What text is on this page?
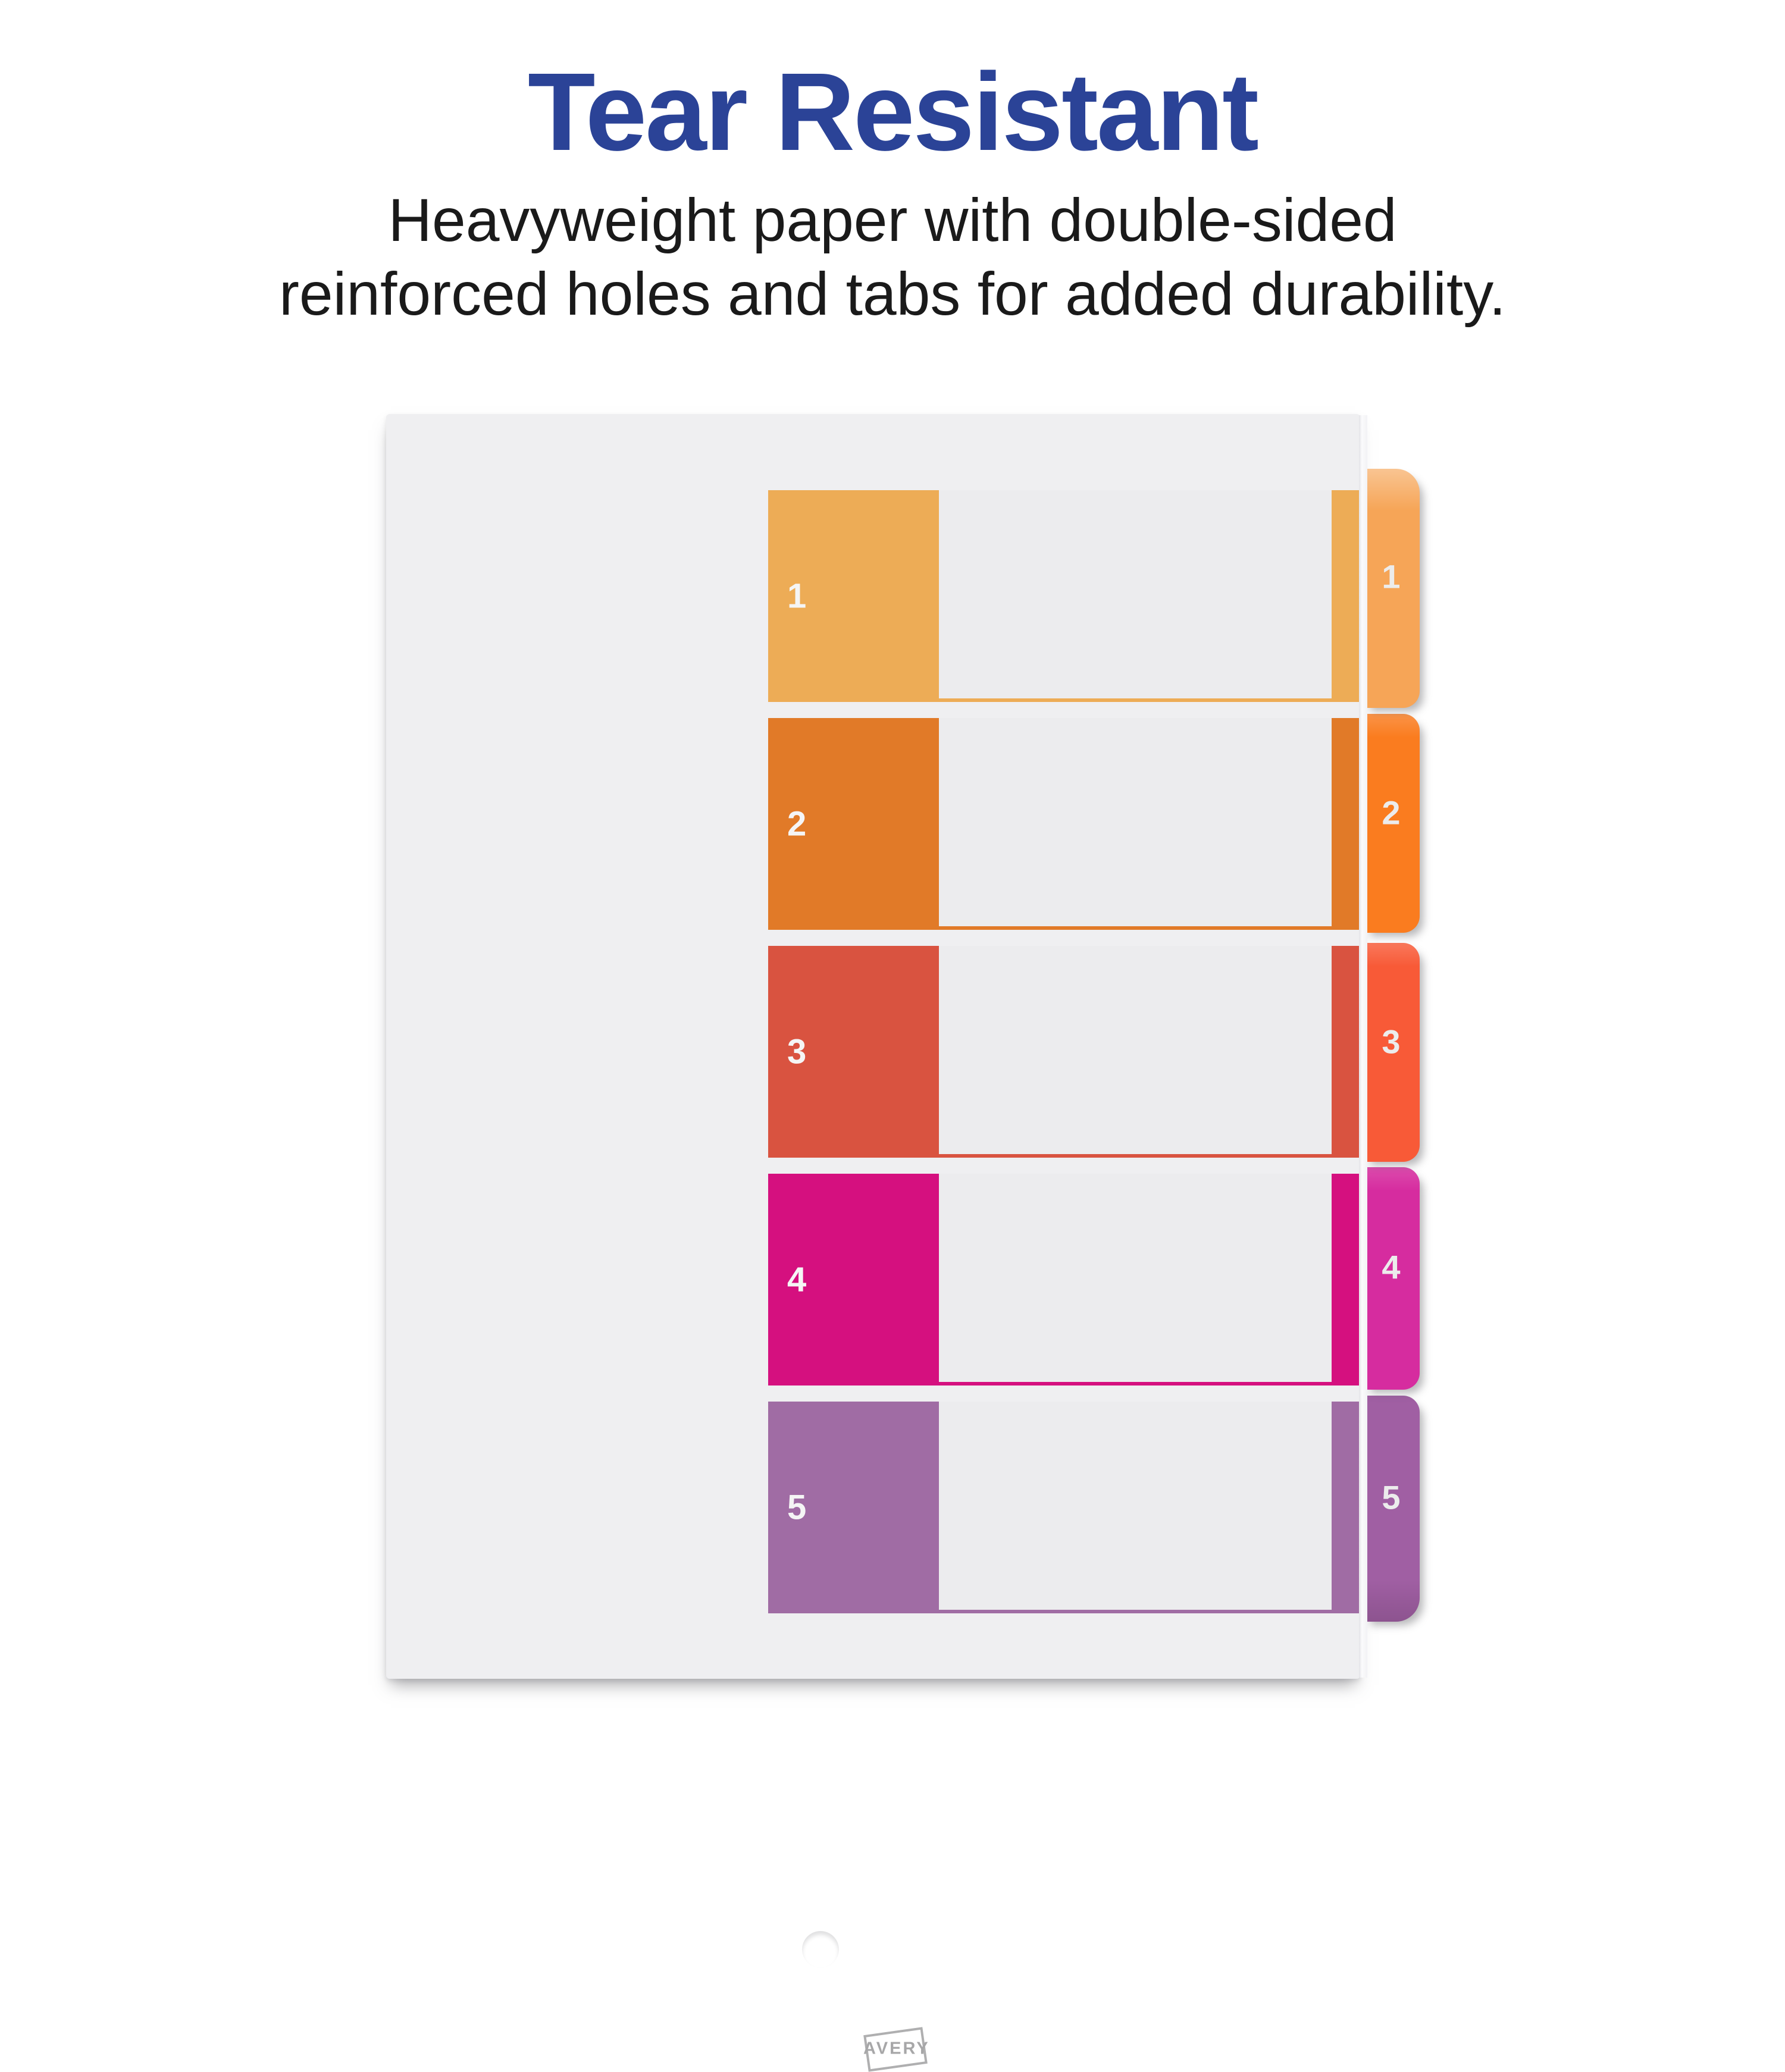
Tear Resistant

Heavyweight paper with double-sided
reinforced holes and tabs for added durability.

1
2
3
4
5
AVERY
1
2
3
4
5
